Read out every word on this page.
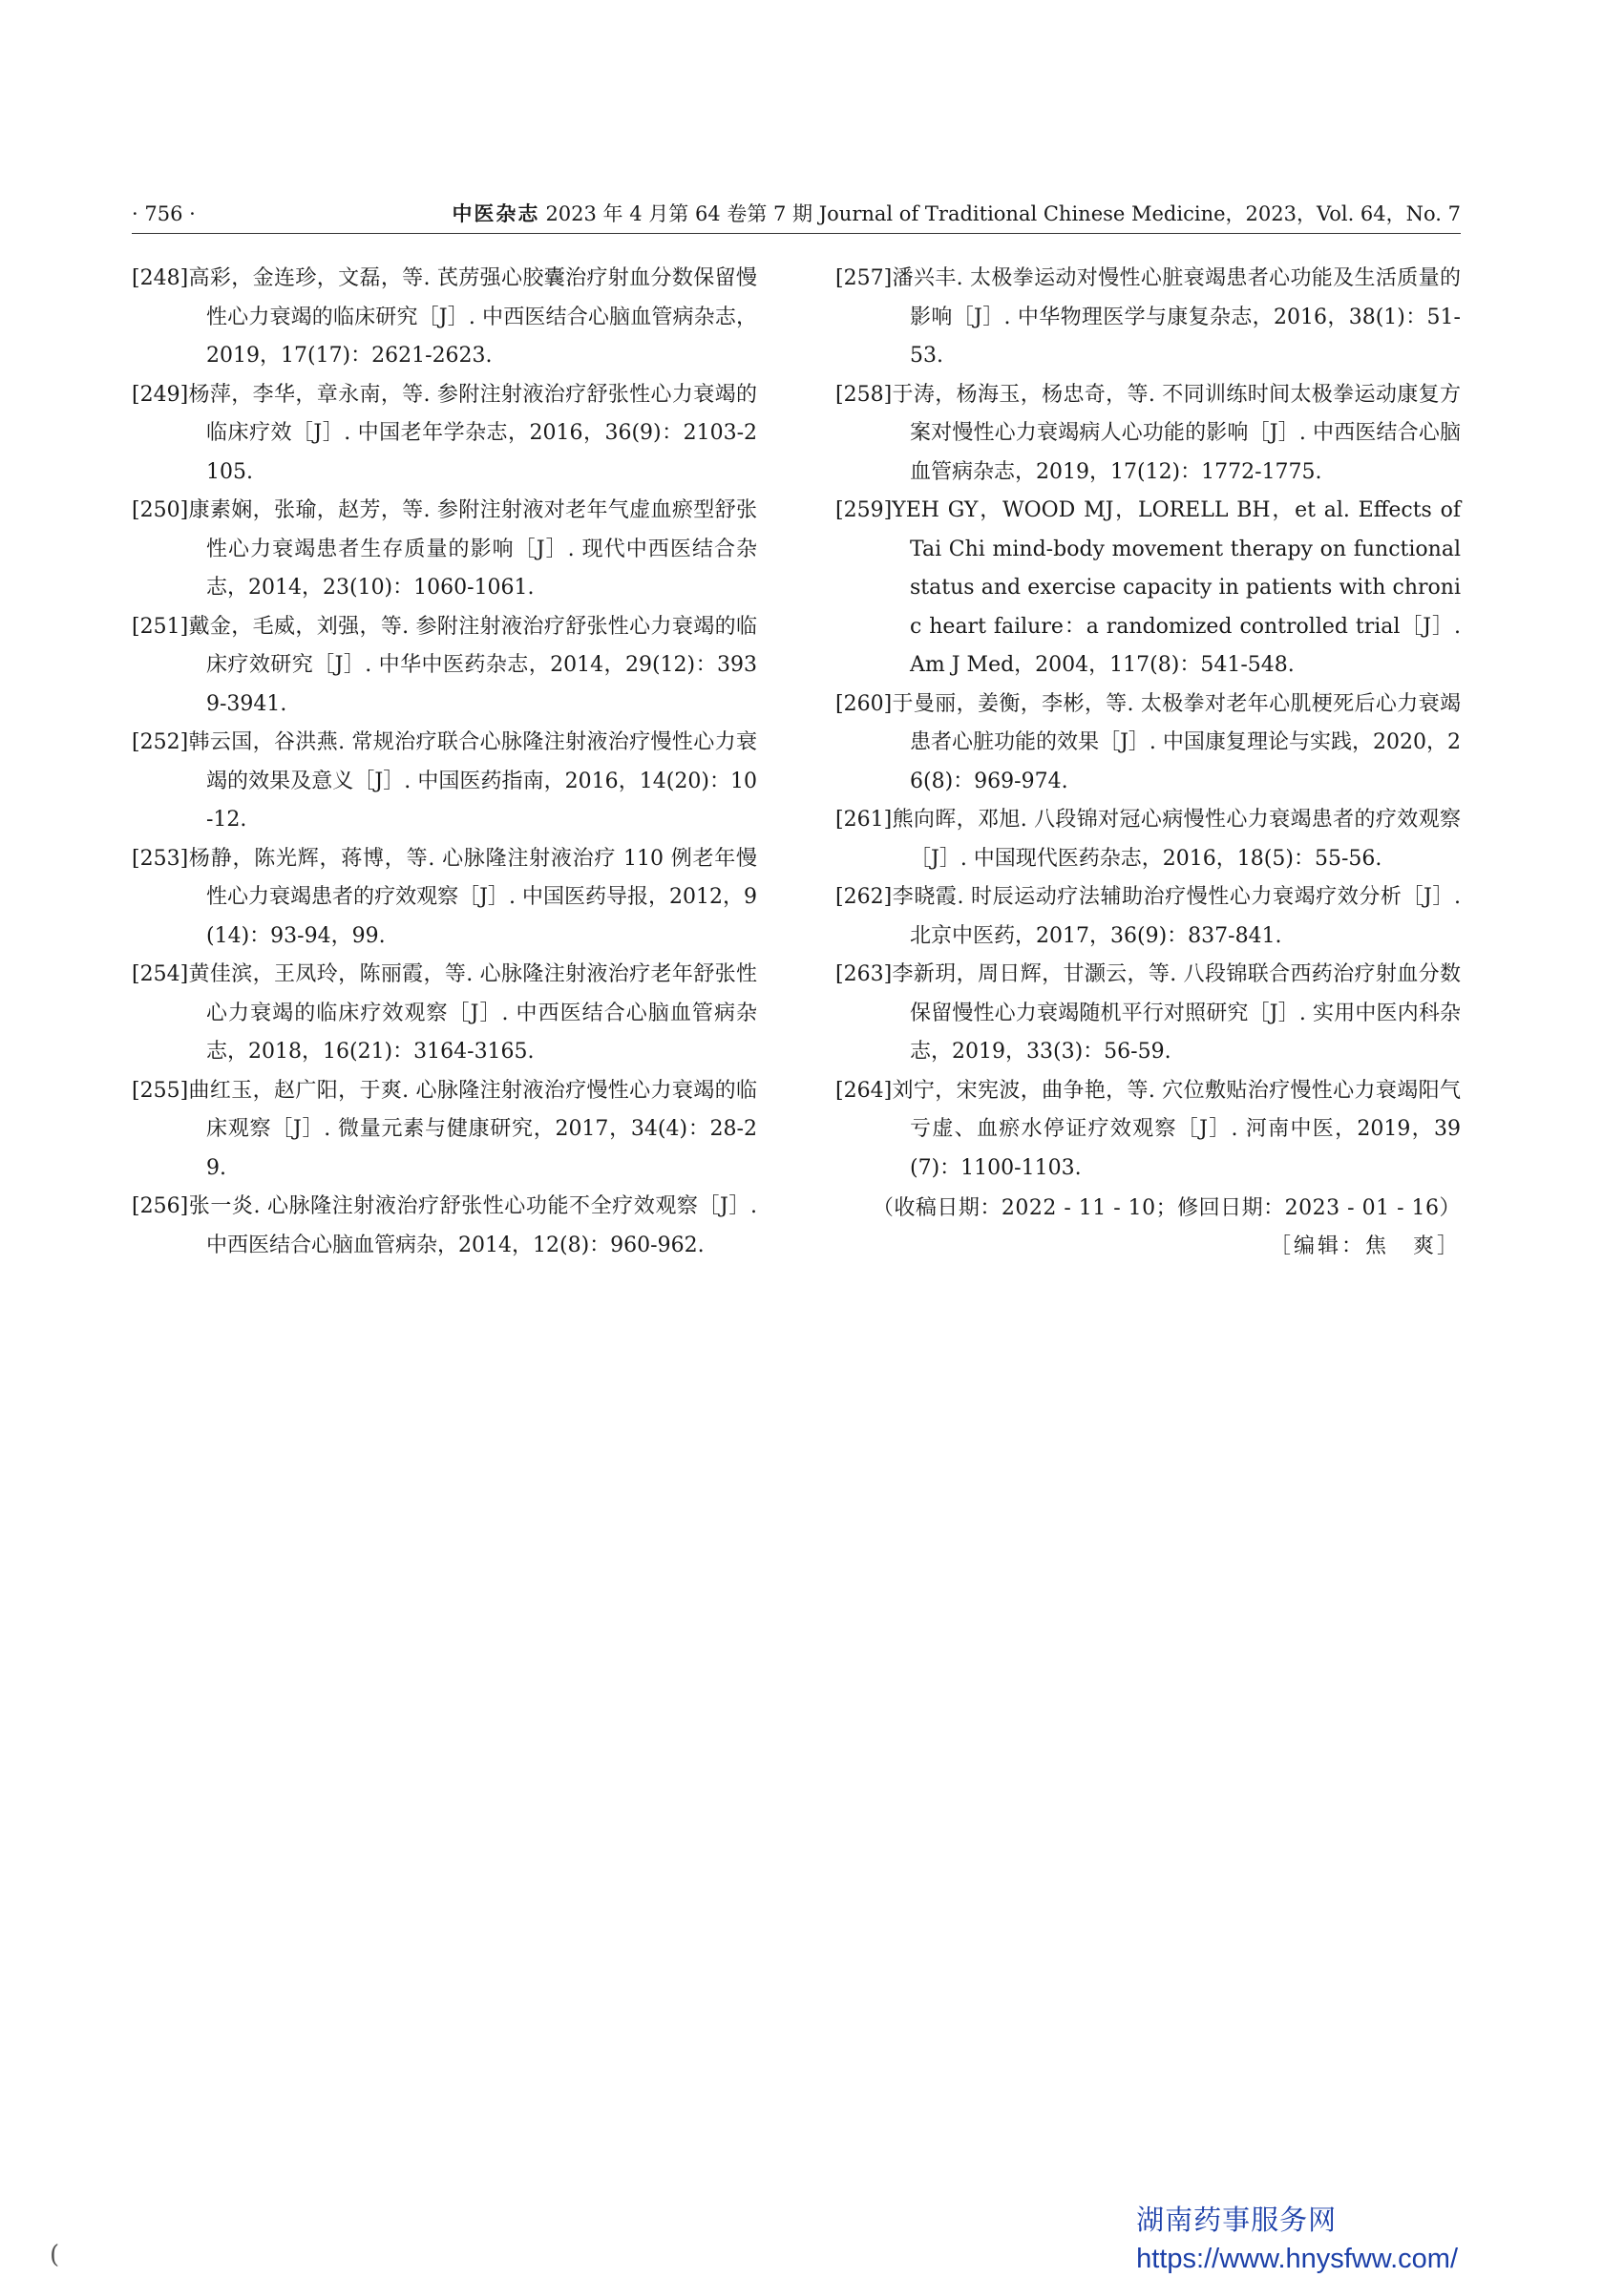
· 756 ·	中医杂志 2023 年 4 月第 64 卷第 7 期 Journal of Traditional Chinese Medicine，2023，Vol. 64，No. 7
[248]高彩，金连珍，文磊，等. 芪苈强心胶囊治疗射血分数保留慢性心力衰竭的临床研究［J］. 中西医结合心脑血管病杂志，2019，17(17)：2621-2623.
[249]杨萍，李华，章永南，等. 参附注射液治疗舒张性心力衰竭的临床疗效［J］. 中国老年学杂志，2016，36(9)：2103-2105.
[250]康素娴，张瑜，赵芳，等. 参附注射液对老年气虚血瘀型舒张性心力衰竭患者生存质量的影响［J］. 现代中西医结合杂志，2014，23(10)：1060-1061.
[251]戴金，毛威，刘强，等. 参附注射液治疗舒张性心力衰竭的临床疗效研究［J］. 中华中医药杂志，2014，29(12)：3939-3941.
[252]韩云国，谷洪燕. 常规治疗联合心脉隆注射液治疗慢性心力衰竭的效果及意义［J］. 中国医药指南，2016，14(20)：10-12.
[253]杨静，陈光辉，蒋博，等. 心脉隆注射液治疗 110 例老年慢性心力衰竭患者的疗效观察［J］. 中国医药导报，2012，9(14)：93-94，99.
[254]黄佳滨，王凤玲，陈丽霞，等. 心脉隆注射液治疗老年舒张性心力衰竭的临床疗效观察［J］. 中西医结合心脑血管病杂志，2018，16(21)：3164-3165.
[255]曲红玉，赵广阳，于爽. 心脉隆注射液治疗慢性心力衰竭的临床观察［J］. 微量元素与健康研究，2017，34(4)：28-29.
[256]张一炎. 心脉隆注射液治疗舒张性心功能不全疗效观察［J］. 中西医结合心脑血管病杂，2014，12(8)：960-962.
[257]潘兴丰. 太极拳运动对慢性心脏衰竭患者心功能及生活质量的影响［J］. 中华物理医学与康复杂志，2016，38(1)：51-53.
[258]于涛，杨海玉，杨忠奇，等. 不同训练时间太极拳运动康复方案对慢性心力衰竭病人心功能的影响［J］. 中西医结合心脑血管病杂志，2019，17(12)：1772-1775.
[259]YEH GY，WOOD MJ，LORELL BH，et al. Effects of Tai Chi mind-body movement therapy on functional status and exercise capacity in patients with chronic heart failure：a randomized controlled trial［J］. Am J Med，2004，117(8)：541-548.
[260]于曼丽，姜衡，李彬，等. 太极拳对老年心肌梗死后心力衰竭患者心脏功能的效果［J］. 中国康复理论与实践，2020，26(8)：969-974.
[261]熊向晖，邓旭. 八段锦对冠心病慢性心力衰竭患者的疗效观察［J］. 中国现代医药杂志，2016，18(5)：55-56.
[262]李晓霞. 时辰运动疗法辅助治疗慢性心力衰竭疗效分析［J］. 北京中医药，2017，36(9)：837-841.
[263]李新玥，周日辉，甘灏云，等. 八段锦联合西药治疗射血分数保留慢性心力衰竭随机平行对照研究［J］. 实用中医内科杂志，2019，33(3)：56-59.
[264]刘宁，宋宪波，曲争艳，等. 穴位敷贴治疗慢性心力衰竭阳气亏虚、血瘀水停证疗效观察［J］. 河南中医，2019，39(7)：1100-1103.
（收稿日期：2022 - 11 - 10；修回日期：2023 - 01 - 16）
［编辑：焦　爽］
湖南药事服务网
https://www.hnysfww.com/
(
